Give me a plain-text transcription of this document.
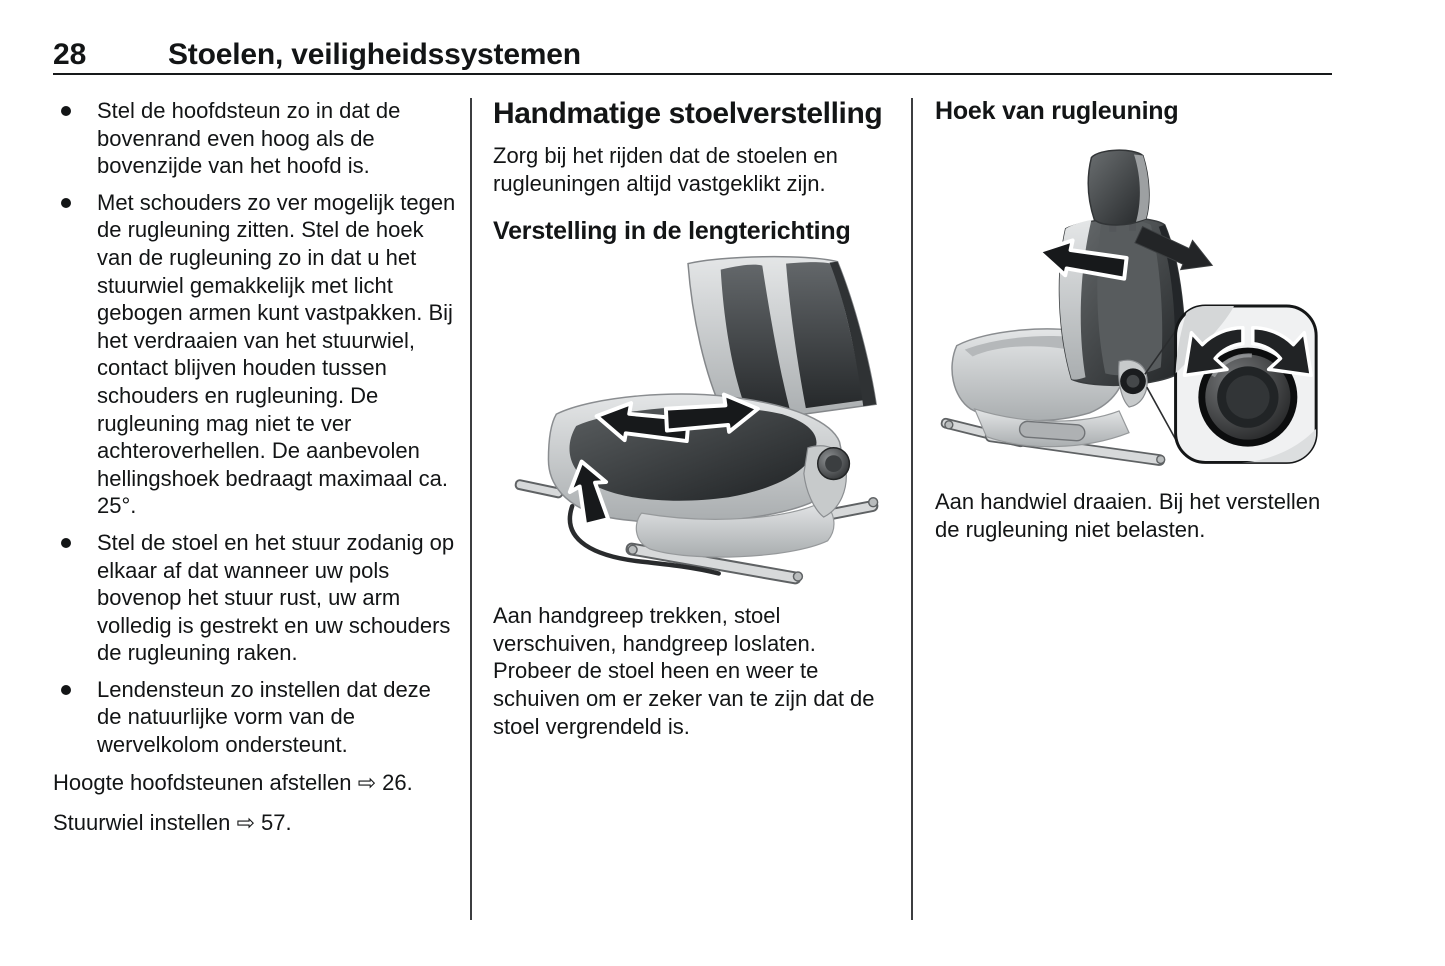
28	Stoelen, veiligheidssystemen
Stel de hoofdsteun zo in dat de bovenrand even hoog als de bovenzijde van het hoofd is.
Met schouders zo ver mogelijk tegen de rugleuning zitten. Stel de hoek van de rugleuning zo in dat u het stuurwiel gemakkelijk met licht gebogen armen kunt vastpakken. Bij het verdraaien van het stuurwiel, contact blijven houden tussen schouders en rugleuning. De rugleuning mag niet te ver achteroverhellen. De aanbevolen hellingshoek bedraagt maximaal ca. 25°.
Stel de stoel en het stuur zodanig op elkaar af dat wanneer uw pols bovenop het stuur rust, uw arm volledig is gestrekt en uw schouders de rugleuning raken.
Lendensteun zo instellen dat deze de natuurlijke vorm van de wervelkolom ondersteunt.

Hoogte hoofdsteunen afstellen ⇨ 26.

Stuurwiel instellen ⇨ 57.

Handmatige stoelverstelling

Zorg bij het rijden dat de stoelen en rugleuningen altijd vastgeklikt zijn.

Verstelling in de lengterichting

Aan handgreep trekken, stoel verschuiven, handgreep loslaten. Probeer de stoel heen en weer te schuiven om er zeker van te zijn dat de stoel vergrendeld is.

Hoek van rugleuning

Aan handwiel draaien. Bij het verstellen de rugleuning niet belasten.
